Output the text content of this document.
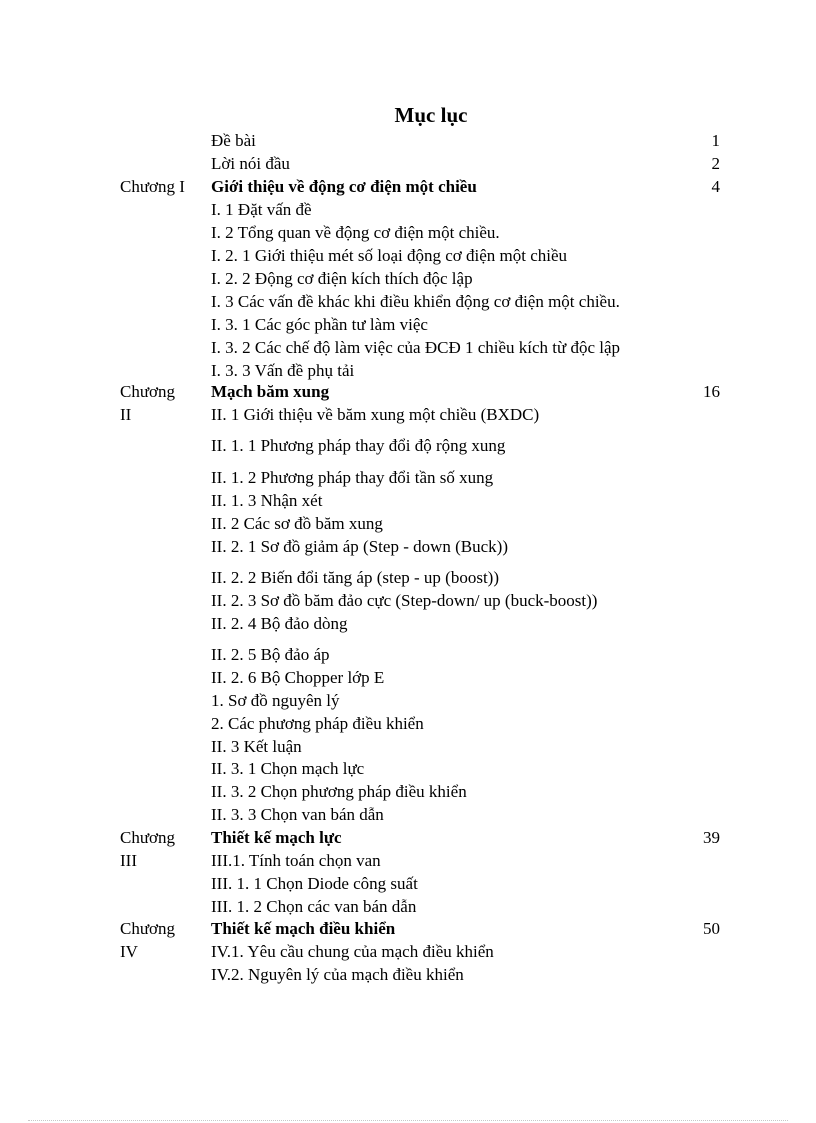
Mục lục
Đề bài	1
Lời nói đầu	2
Chương I	Giới thiệu về động cơ điện một chiều	4
I. 1 Đặt vấn đề
I. 2 Tổng quan về động cơ điện một chiều.
I. 2. 1 Giới thiệu mét số loại động cơ điện một chiều
I. 2. 2 Động cơ điện kích thích độc lập
I. 3 Các vấn đề khác khi điều khiển động cơ điện một chiều.
I. 3. 1 Các góc phần tư làm việc
I. 3. 2 Các chế độ làm việc của ĐCĐ 1 chiều kích từ độc lập
I. 3. 3 Vấn đề phụ tải
Chương	Mạch băm xung	16
II	II. 1 Giới thiệu về băm xung một chiều (BXDC)
II. 1. 1 Phương pháp thay đổi độ rộng xung
II. 1. 2 Phương pháp thay đổi tần số xung
II. 1. 3 Nhận xét
II. 2 Các sơ đồ băm xung
II. 2. 1 Sơ đồ giảm áp (Step - down (Buck))
II. 2. 2 Biến đổi tăng áp (step - up (boost))
II. 2. 3 Sơ đồ băm đảo cực (Step-down/ up (buck-boost))
II. 2. 4 Bộ đảo dòng
II. 2. 5 Bộ đảo áp
II. 2. 6 Bộ Chopper lớp E
1. Sơ đồ nguyên lý
2. Các phương pháp điều khiển
II. 3 Kết luận
II. 3. 1 Chọn mạch lực
II. 3. 2 Chọn phương pháp điều khiển
II. 3. 3 Chọn van bán dẫn
Chương	Thiết kế mạch lực	39
III	III.1. Tính toán chọn van
III. 1. 1 Chọn Diode công suất
III. 1. 2 Chọn các van bán dẫn
Chương	Thiết kế mạch điều khiển	50
IV	IV.1. Yêu cầu chung của mạch điều khiển
IV.2. Nguyên lý của mạch điều khiển
